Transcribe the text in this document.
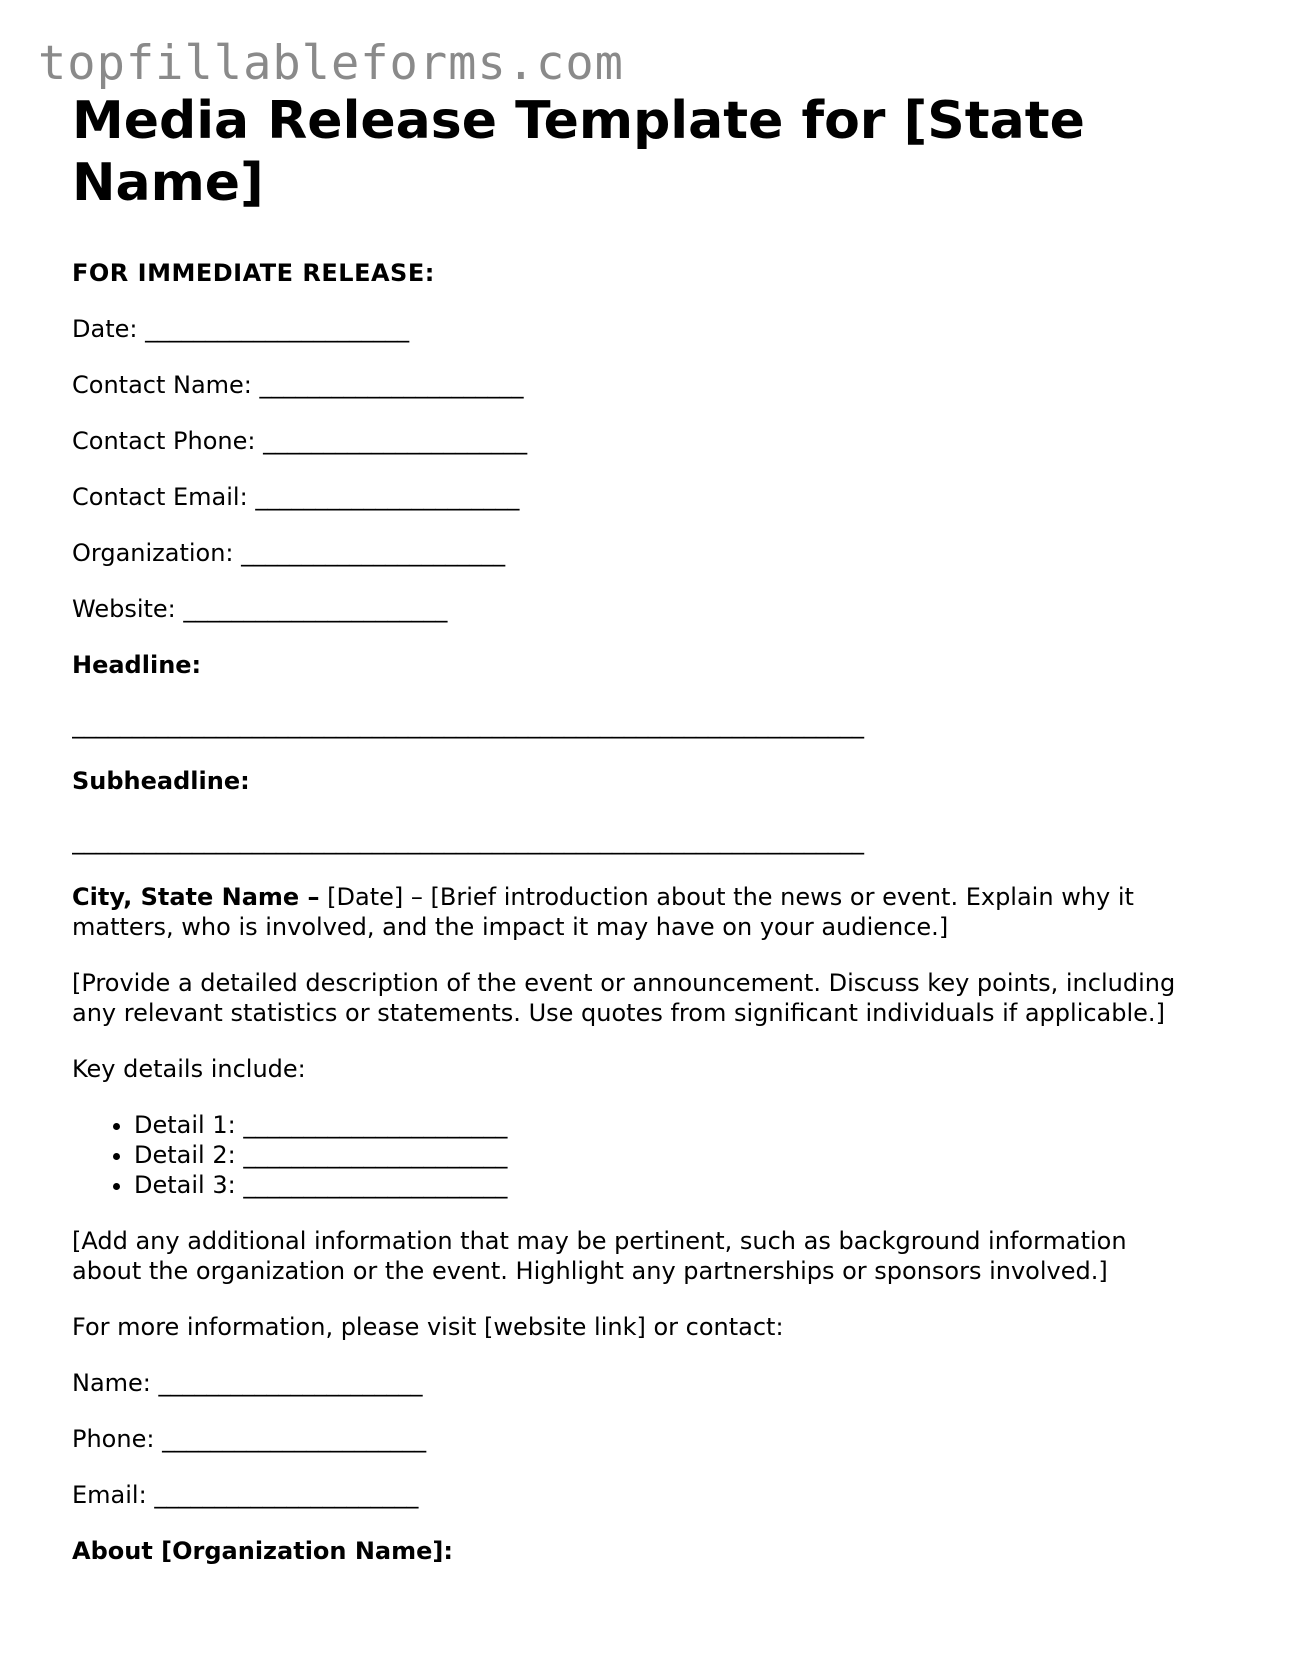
topfillableforms.com
Media Release Template for [State Name]
FOR IMMEDIATE RELEASE:

Date: ______________________

Contact Name: ______________________

Contact Phone: ______________________

Contact Email: ______________________

Organization: ______________________

Website: ______________________

Headline:
__________________________________________________________________
Subheadline:
__________________________________________________________________

City, State Name – [Date] – [Brief introduction about the news or event. Explain why it matters, who is involved, and the impact it may have on your audience.]

[Provide a detailed description of the event or announcement. Discuss key points, including any relevant statistics or statements. Use quotes from significant individuals if applicable.]

Key details include:

• Detail 1: ______________________
• Detail 2: ______________________
• Detail 3: ______________________

[Add any additional information that may be pertinent, such as background information about the organization or the event. Highlight any partnerships or sponsors involved.]

For more information, please visit [website link] or contact:

Name: ______________________

Phone: ______________________

Email: ______________________

About [Organization Name]:
